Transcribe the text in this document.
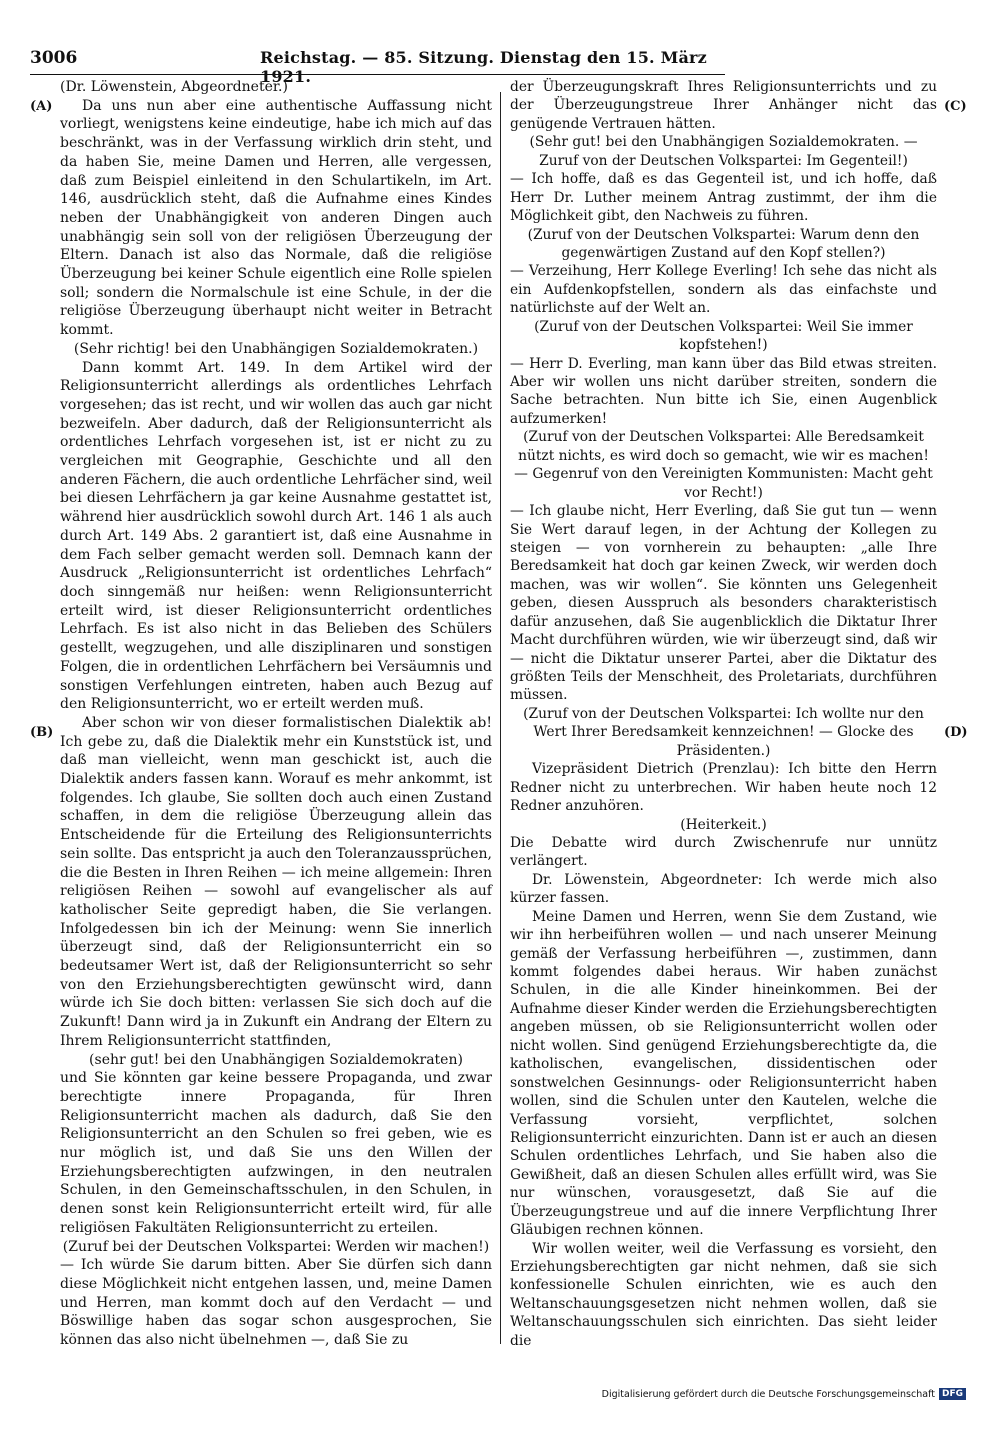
3006	Reichstag. — 85. Sitzung. Dienstag den 15. März 1921.
(A)
(B)
(C)
(D)

(Dr. Löwenstein, Abgeordneter.)

Da uns nun aber eine authentische Auffassung nicht vorliegt, wenigstens keine eindeutige, habe ich mich auf das beschränkt, was in der Verfassung wirklich drin steht, und da haben Sie, meine Damen und Herren, alle vergessen, daß zum Beispiel einleitend in den Schulartikeln, im Art. 146, ausdrücklich steht, daß die Aufnahme eines Kindes neben der Unabhängigkeit von anderen Dingen auch unabhängig sein soll von der religiösen Überzeugung der Eltern. Danach ist also das Normale, daß die religiöse Überzeugung bei keiner Schule eigentlich eine Rolle spielen soll; sondern die Normalschule ist eine Schule, in der die religiöse Überzeugung überhaupt nicht weiter in Betracht kommt.

(Sehr richtig! bei den Unabhängigen Sozialdemokraten.)

Dann kommt Art. 149. In dem Artikel wird der Religionsunterricht allerdings als ordentliches Lehrfach vorgesehen; das ist recht, und wir wollen das auch gar nicht bezweifeln. Aber dadurch, daß der Religionsunterricht als ordentliches Lehrfach vorgesehen ist, ist er nicht zu zu vergleichen mit Geographie, Geschichte und all den anderen Fächern, die auch ordentliche Lehrfächer sind, weil bei diesen Lehrfächern ja gar keine Ausnahme gestattet ist, während hier ausdrücklich sowohl durch Art. 146 1 als auch durch Art. 149 Abs. 2 garantiert ist, daß eine Ausnahme in dem Fach selber gemacht werden soll. Demnach kann der Ausdruck „Religionsunterricht ist ordentliches Lehrfach“ doch sinngemäß nur heißen: wenn Religionsunterricht erteilt wird, ist dieser Religionsunterricht ordentliches Lehrfach. Es ist also nicht in das Belieben des Schülers gestellt, wegzugehen, und alle disziplinaren und sonstigen Folgen, die in ordentlichen Lehrfächern bei Versäumnis und sonstigen Verfehlungen eintreten, haben auch Bezug auf den Religionsunterricht, wo er erteilt werden muß.

Aber schon wir von dieser formalistischen Dialektik ab! Ich gebe zu, daß die Dialektik mehr ein Kunststück ist, und daß man vielleicht, wenn man geschickt ist, auch die Dialektik anders fassen kann. Worauf es mehr ankommt, ist folgendes. Ich glaube, Sie sollten doch auch einen Zustand schaffen, in dem die religiöse Überzeugung allein das Entscheidende für die Erteilung des Religionsunterrichts sein sollte. Das entspricht ja auch den Toleranzaussprüchen, die die Besten in Ihren Reihen — ich meine allgemein: Ihren religiösen Reihen — sowohl auf evangelischer als auf katholischer Seite gepredigt haben, die Sie verlangen. Infolgedessen bin ich der Meinung: wenn Sie innerlich überzeugt sind, daß der Religionsunterricht ein so bedeutsamer Wert ist, daß der Religionsunterricht so sehr von den Erziehungsberechtigten gewünscht wird, dann würde ich Sie doch bitten: verlassen Sie sich doch auf die Zukunft! Dann wird ja in Zukunft ein Andrang der Eltern zu Ihrem Religionsunterricht stattfinden,

(sehr gut! bei den Unabhängigen Sozialdemokraten)

und Sie könnten gar keine bessere Propaganda, und zwar berechtigte innere Propaganda, für Ihren Religionsunterricht machen als dadurch, daß Sie den Religionsunterricht an den Schulen so frei geben, wie es nur möglich ist, und daß Sie uns den Willen der Erziehungsberechtigten aufzwingen, in den neutralen Schulen, in den Gemeinschaftsschulen, in den Schulen, in denen sonst kein Religionsunterricht erteilt wird, für alle religiösen Fakultäten Religionsunterricht zu erteilen.

(Zuruf bei der Deutschen Volkspartei: Werden wir machen!)

— Ich würde Sie darum bitten. Aber Sie dürfen sich dann diese Möglichkeit nicht entgehen lassen, und, meine Damen und Herren, man kommt doch auf den Verdacht — und Böswillige haben das sogar schon ausgesprochen, Sie können das also nicht übelnehmen —, daß Sie zu

der Überzeugungskraft Ihres Religionsunterrichts und zu der Überzeugungstreue Ihrer Anhänger nicht das genügende Vertrauen hätten.

(Sehr gut! bei den Unabhängigen Sozialdemokraten. — Zuruf von der Deutschen Volkspartei: Im Gegenteil!)

— Ich hoffe, daß es das Gegenteil ist, und ich hoffe, daß Herr Dr. Luther meinem Antrag zustimmt, der ihm die Möglichkeit gibt, den Nachweis zu führen.

(Zuruf von der Deutschen Volkspartei: Warum denn den gegenwärtigen Zustand auf den Kopf stellen?)

— Verzeihung, Herr Kollege Everling! Ich sehe das nicht als ein Aufdenkopfstellen, sondern als das einfachste und natürlichste auf der Welt an.

(Zuruf von der Deutschen Volkspartei: Weil Sie immer kopfstehen!)

— Herr D. Everling, man kann über das Bild etwas streiten. Aber wir wollen uns nicht darüber streiten, sondern die Sache betrachten. Nun bitte ich Sie, einen Augenblick aufzumerken!

(Zuruf von der Deutschen Volkspartei: Alle Beredsamkeit nützt nichts, es wird doch so gemacht, wie wir es machen! — Gegenruf von den Vereinigten Kommunisten: Macht geht vor Recht!)

— Ich glaube nicht, Herr Everling, daß Sie gut tun — wenn Sie Wert darauf legen, in der Achtung der Kollegen zu steigen — von vornherein zu behaupten: „alle Ihre Beredsamkeit hat doch gar keinen Zweck, wir werden doch machen, was wir wollen“. Sie könnten uns Gelegenheit geben, diesen Ausspruch als besonders charakteristisch dafür anzusehen, daß Sie augenblicklich die Diktatur Ihrer Macht durchführen würden, wie wir überzeugt sind, daß wir — nicht die Diktatur unserer Partei, aber die Diktatur des größten Teils der Menschheit, des Proletariats, durchführen müssen.

(Zuruf von der Deutschen Volkspartei: Ich wollte nur den Wert Ihrer Beredsamkeit kennzeichnen! — Glocke des Präsidenten.)

Vizepräsident Dietrich (Prenzlau): Ich bitte den Herrn Redner nicht zu unterbrechen. Wir haben heute noch 12 Redner anzuhören.

(Heiterkeit.)

Die Debatte wird durch Zwischenrufe nur unnütz verlängert.

Dr. Löwenstein, Abgeordneter: Ich werde mich also kürzer fassen.

Meine Damen und Herren, wenn Sie dem Zustand, wie wir ihn herbeiführen wollen — und nach unserer Meinung gemäß der Verfassung herbeiführen —, zustimmen, dann kommt folgendes dabei heraus. Wir haben zunächst Schulen, in die alle Kinder hineinkommen. Bei der Aufnahme dieser Kinder werden die Erziehungsberechtigten angeben müssen, ob sie Religionsunterricht wollen oder nicht wollen. Sind genügend Erziehungsberechtigte da, die katholischen, evangelischen, dissidentischen oder sonstwelchen Gesinnungs- oder Religionsunterricht haben wollen, sind die Schulen unter den Kautelen, welche die Verfassung vorsieht, verpflichtet, solchen Religionsunterricht einzurichten. Dann ist er auch an diesen Schulen ordentliches Lehrfach, und Sie haben also die Gewißheit, daß an diesen Schulen alles erfüllt wird, was Sie nur wünschen, vorausgesetzt, daß Sie auf die Überzeugungstreue und auf die innere Verpflichtung Ihrer Gläubigen rechnen können.

Wir wollen weiter, weil die Verfassung es vorsieht, den Erziehungsberechtigten gar nicht nehmen, daß sie sich konfessionelle Schulen einrichten, wie es auch den Weltanschauungsgesetzen nicht nehmen wollen, daß sie Weltanschauungsschulen sich einrichten. Das sieht leider die

Digitalisierung gefördert durch die Deutsche Forschungsgemeinschaft DFG
